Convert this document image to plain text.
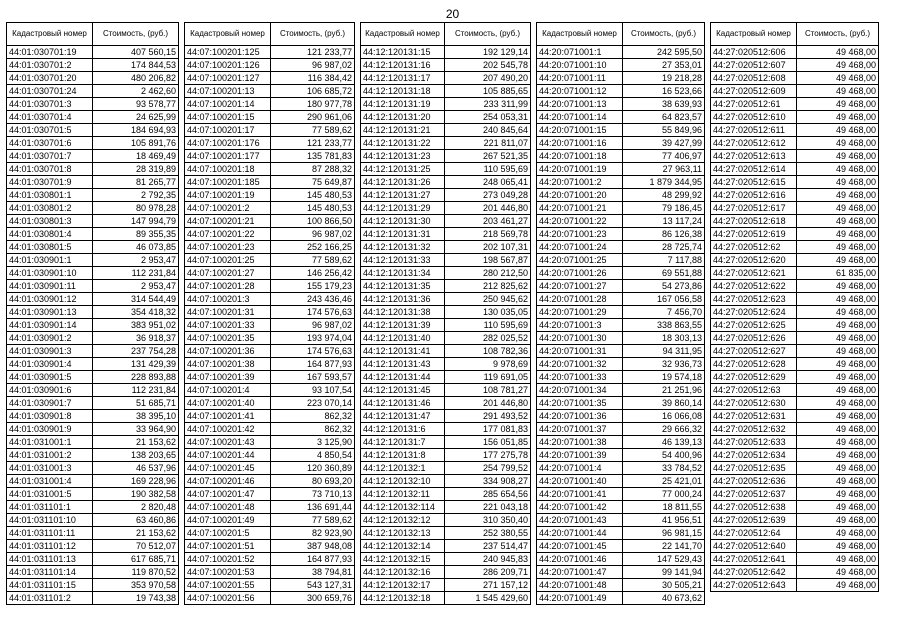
20
Кадастровый номер	Стоимость, (руб.)
44:01:030701:19	407 560,15
44:01:030701:2	174 844,53
44:01:030701:20	480 206,82
44:01:030701:24	2 462,60
44:01:030701:3	93 578,77
44:01:030701:4	24 625,99
44:01:030701:5	184 694,93
44:01:030701:6	105 891,76
44:01:030701:7	18 469,49
44:01:030701:8	28 319,89
44:01:030701:9	81 265,77
44:01:030801:1	2 792,35
44:01:030801:2	80 978,28
44:01:030801:3	147 994,79
44:01:030801:4	89 355,35
44:01:030801:5	46 073,85
44:01:030901:1	2 953,47
44:01:030901:10	112 231,84
44:01:030901:11	2 953,47
44:01:030901:12	314 544,49
44:01:030901:13	354 418,32
44:01:030901:14	383 951,02
44:01:030901:2	36 918,37
44:01:030901:3	237 754,28
44:01:030901:4	131 429,39
44:01:030901:5	228 893,88
44:01:030901:6	112 231,84
44:01:030901:7	51 685,71
44:01:030901:8	38 395,10
44:01:030901:9	33 964,90
44:01:031001:1	21 153,62
44:01:031001:2	138 203,65
44:01:031001:3	46 537,96
44:01:031001:4	169 228,96
44:01:031001:5	190 382,58
44:01:031101:1	2 820,48
44:01:031101:10	63 460,86
44:01:031101:11	21 153,62
44:01:031101:12	70 512,07
44:01:031101:13	617 685,71
44:01:031101:14	119 870,52
44:01:031101:15	353 970,58
44:01:031101:2	19 743,38
Кадастровый номер	Стоимость, (руб.)
44:07:100201:125	121 233,77
44:07:100201:126	96 987,02
44:07:100201:127	116 384,42
44:07:100201:13	106 685,72
44:07:100201:14	180 977,78
44:07:100201:15	290 961,06
44:07:100201:17	77 589,62
44:07:100201:176	121 233,77
44:07:100201:177	135 781,83
44:07:100201:18	87 288,32
44:07:100201:185	75 649,87
44:07:100201:19	145 480,53
44:07:100201:2	145 480,53
44:07:100201:21	100 866,50
44:07:100201:22	96 987,02
44:07:100201:23	252 166,25
44:07:100201:25	77 589,62
44:07:100201:27	146 256,42
44:07:100201:28	155 179,23
44:07:100201:3	243 436,46
44:07:100201:31	174 576,63
44:07:100201:33	96 987,02
44:07:100201:35	193 974,04
44:07:100201:36	174 576,63
44:07:100201:38	164 877,93
44:07:100201:39	167 593,57
44:07:100201:4	93 107,54
44:07:100201:40	223 070,14
44:07:100201:41	862,32
44:07:100201:42	862,32
44:07:100201:43	3 125,90
44:07:100201:44	4 850,54
44:07:100201:45	120 360,89
44:07:100201:46	80 693,20
44:07:100201:47	73 710,13
44:07:100201:48	136 691,44
44:07:100201:49	77 589,62
44:07:100201:5	82 923,90
44:07:100201:51	387 948,08
44:07:100201:52	164 877,93
44:07:100201:53	38 794,81
44:07:100201:55	543 127,31
44:07:100201:56	300 659,76
Кадастровый номер	Стоимость, (руб.)
44:12:120131:15	192 129,14
44:12:120131:16	202 545,78
44:12:120131:17	207 490,20
44:12:120131:18	105 885,65
44:12:120131:19	233 311,99
44:12:120131:20	254 053,31
44:12:120131:21	240 845,64
44:12:120131:22	221 811,07
44:12:120131:23	267 521,35
44:12:120131:25	110 595,69
44:12:120131:26	248 065,41
44:12:120131:27	273 049,28
44:12:120131:29	201 446,80
44:12:120131:30	203 461,27
44:12:120131:31	218 569,78
44:12:120131:32	202 107,31
44:12:120131:33	198 567,87
44:12:120131:34	280 212,50
44:12:120131:35	212 825,62
44:12:120131:36	250 945,62
44:12:120131:38	130 035,05
44:12:120131:39	110 595,69
44:12:120131:40	282 025,52
44:12:120131:41	108 782,36
44:12:120131:43	9 978,69
44:12:120131:44	119 691,05
44:12:120131:45	108 781,27
44:12:120131:46	201 446,80
44:12:120131:47	291 493,52
44:12:120131:6	177 081,83
44:12:120131:7	156 051,85
44:12:120131:8	177 275,78
44:12:120132:1	254 799,52
44:12:120132:10	334 908,27
44:12:120132:11	285 654,56
44:12:120132:114	221 043,18
44:12:120132:12	310 350,40
44:12:120132:13	252 380,55
44:12:120132:14	237 514,47
44:12:120132:15	240 945,83
44:12:120132:16	286 209,71
44:12:120132:17	271 157,12
44:12:120132:18	1 545 429,60
Кадастровый номер	Стоимость, (руб.)
44:20:071001:1	242 595,50
44:20:071001:10	27 353,01
44:20:071001:11	19 218,28
44:20:071001:12	16 523,66
44:20:071001:13	38 639,93
44:20:071001:14	64 823,57
44:20:071001:15	55 849,96
44:20:071001:16	39 427,99
44:20:071001:18	77 406,97
44:20:071001:19	27 963,11
44:20:071001:2	1 879 344,95
44:20:071001:20	48 299,92
44:20:071001:21	79 186,45
44:20:071001:22	13 117,24
44:20:071001:23	86 126,38
44:20:071001:24	28 725,74
44:20:071001:25	7 117,88
44:20:071001:26	69 551,88
44:20:071001:27	54 273,86
44:20:071001:28	167 056,58
44:20:071001:29	7 456,70
44:20:071001:3	338 863,55
44:20:071001:30	18 303,13
44:20:071001:31	94 311,95
44:20:071001:32	32 936,73
44:20:071001:33	19 574,18
44:20:071001:34	21 251,96
44:20:071001:35	39 860,14
44:20:071001:36	16 066,08
44:20:071001:37	29 666,32
44:20:071001:38	46 139,13
44:20:071001:39	54 400,96
44:20:071001:4	33 784,52
44:20:071001:40	25 421,01
44:20:071001:41	77 000,24
44:20:071001:42	18 811,55
44:20:071001:43	41 956,51
44:20:071001:44	96 981,15
44:20:071001:45	22 141,70
44:20:071001:46	147 529,43
44:20:071001:47	99 141,94
44:20:071001:48	30 505,21
44:20:071001:49	40 673,62
Кадастровый номер	Стоимость, (руб.)
44:27:020512:606	49 468,00
44:27:020512:607	49 468,00
44:27:020512:608	49 468,00
44:27:020512:609	49 468,00
44:27:020512:61	49 468,00
44:27:020512:610	49 468,00
44:27:020512:611	49 468,00
44:27:020512:612	49 468,00
44:27:020512:613	49 468,00
44:27:020512:614	49 468,00
44:27:020512:615	49 468,00
44:27:020512:616	49 468,00
44:27:020512:617	49 468,00
44:27:020512:618	49 468,00
44:27:020512:619	49 468,00
44:27:020512:62	49 468,00
44:27:020512:620	49 468,00
44:27:020512:621	61 835,00
44:27:020512:622	49 468,00
44:27:020512:623	49 468,00
44:27:020512:624	49 468,00
44:27:020512:625	49 468,00
44:27:020512:626	49 468,00
44:27:020512:627	49 468,00
44:27:020512:628	49 468,00
44:27:020512:629	49 468,00
44:27:020512:63	49 468,00
44:27:020512:630	49 468,00
44:27:020512:631	49 468,00
44:27:020512:632	49 468,00
44:27:020512:633	49 468,00
44:27:020512:634	49 468,00
44:27:020512:635	49 468,00
44:27:020512:636	49 468,00
44:27:020512:637	49 468,00
44:27:020512:638	49 468,00
44:27:020512:639	49 468,00
44:27:020512:64	49 468,00
44:27:020512:640	49 468,00
44:27:020512:641	49 468,00
44:27:020512:642	49 468,00
44:27:020512:643	49 468,00
